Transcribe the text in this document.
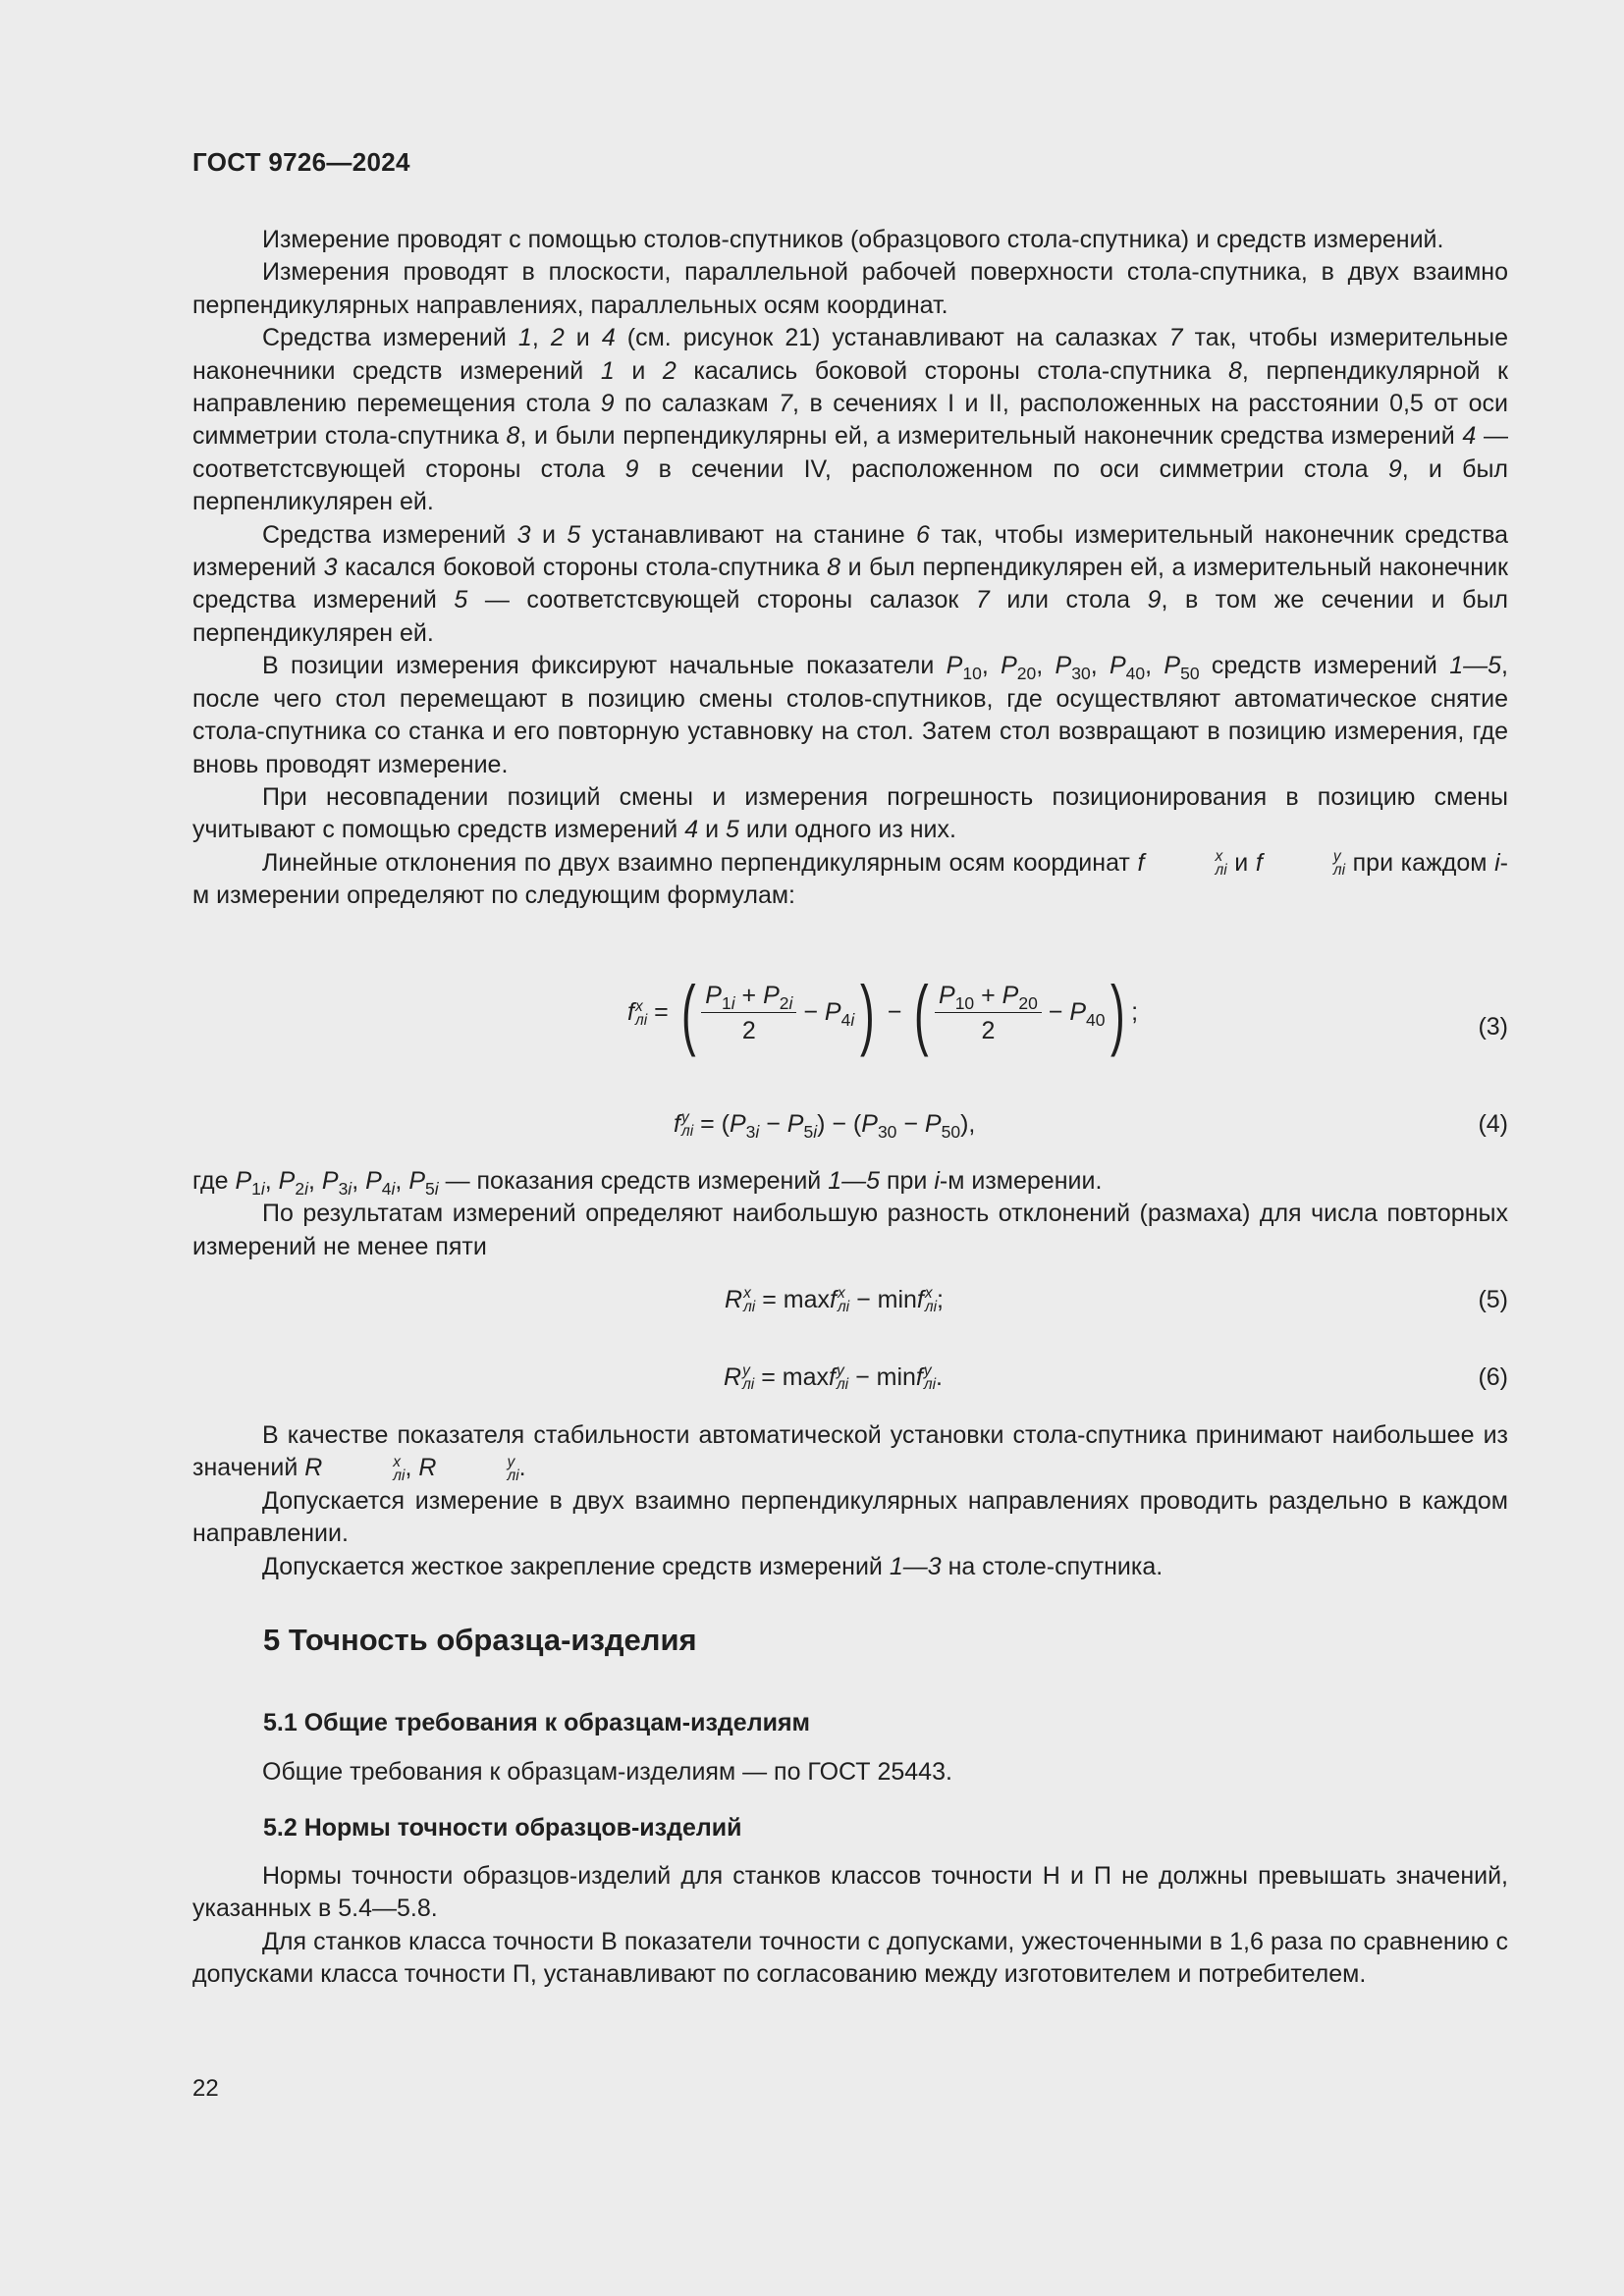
ГОСТ 9726—2024

Измерение проводят с помощью столов-спутников (образцового стола-спутника) и средств измерений.

Измерения проводят в плоскости, параллельной рабочей поверхности стола-спутника, в двух взаимно перпендикулярных направлениях, параллельных осям координат.

Средства измерений 1, 2 и 4 (см. рисунок 21) устанавливают на салазках 7 так, чтобы измерительные наконечники средств измерений 1 и 2 касались боковой стороны стола-спутника 8, перпендикулярной к направлению перемещения стола 9 по салазкам 7, в сечениях I и II, расположенных на расстоянии 0,5 от оси симметрии стола-спутника 8, и были перпендикулярны ей, а измерительный наконечник средства измерений 4 — соответстсвующей стороны стола 9 в сечении IV, расположенном по оси симметрии стола 9, и был перпенликулярен ей.

Средства измерений 3 и 5 устанавливают на станине 6 так, чтобы измерительный наконечник средства измерений 3 касался боковой стороны стола-спутника 8 и был перпендикулярен ей, а измерительный наконечник средства измерений 5 — соответстсвующей стороны салазок 7 или стола 9, в том же сечении и был перпендикулярен ей.

В позиции измерения фиксируют начальные показатели $P_{10}$, $P_{20}$, $P_{30}$, $P_{40}$, $P_{50}$ средств измерений 1—5, после чего стол перемещают в позицию смены столов-спутников, где осуществляют автоматическое снятие стола-спутника со станка и его повторную уставновку на стол. Затем стол возвращают в позицию измерения, где вновь проводят измерение.

При несовпадении позиций смены и измерения погрешность позиционирования в позицию смены учитывают с помощью средств измерений 4 и 5 или одного из них.

Линейные отклонения по двух взаимно перпендикулярным осям координат f	x
лi и f	y
лi при каждом i-м измерении определяют по следующим формулам:

f x
лi = ( $\frac{P_{1i} + P_{2i}}{2} - P_{4i}$) − ( $\frac{P_{10} + P_{20}}{2} - P_{40}$) ;
(3)
f y
лi = $(P_{3i} - P_{5i}) - (P_{30} - P_{50})$,	(4)

где $P_{1i}$, $P_{2i}$, $P_{3i}$, $P_{4i}$, $P_{5i}$ — показания средств измерений 1—5 при i-м измерении.

По результатам измерений определяют наибольшую разность отклонений (размаха) для числа повторных измерений не менее пяти

R x
лi = maxf x
лi − minf x
лi ;	(5)
R y
лi = maxf y
лi − minf y
лi .	(6)

В качестве показателя стабильности автоматической установки стола-спутника принимают наибольшее из значений R	x
лi , R	y
лi .

Допускается измерение в двух взаимно перпендикулярных направлениях проводить раздельно в каждом направлении.

Допускается жесткое закрепление средств измерений 1—3 на столе-спутника.

5 Точность образца-изделия
5.1 Общие требования к образцам-изделиям

Общие требования к образцам-изделиям — по ГОСТ 25443.

5.2 Нормы точности образцов-изделий

Нормы точности образцов-изделий для станков классов точности Н и П не должны превышать значений, указанных в 5.4—5.8.

Для станков класса точности В показатели точности с допусками, ужесточенными в 1,6 раза по сравнению с допусками класса точности П, устанавливают по согласованию между изготовителем и потребителем.

22
